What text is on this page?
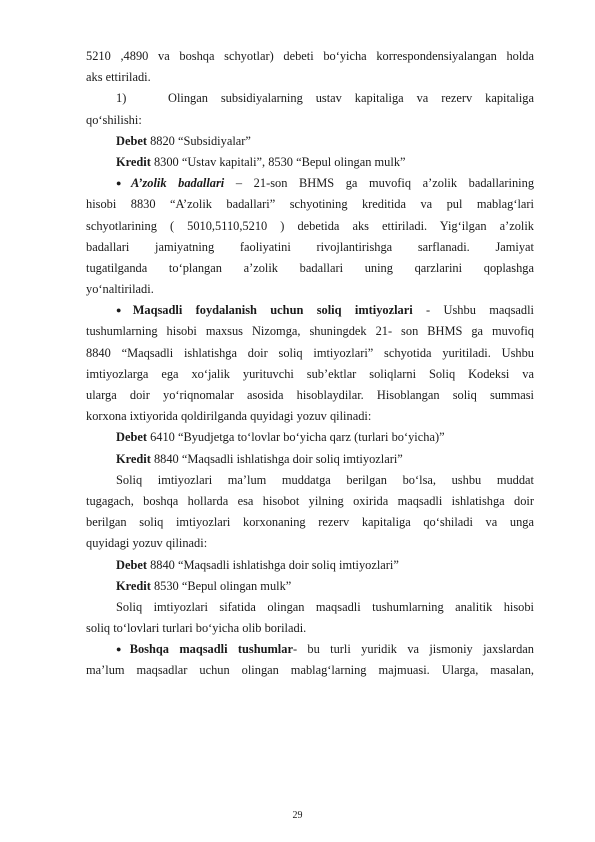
5210 ,4890 va boshqa schyotlar) debeti bo‘yicha korrespondensiyalangan holda
aks ettiriladi.
1)	Olingan subsidiyalarning ustav kapitaliga va rezerv kapitaliga
qo‘shilishi:
Debet 8820 “Subsidiyalar”
Kredit 8300 “Ustav kapitali”, 8530 “Bepul olingan mulk”
●A’zolik badallari – 21-son BHMS ga muvofiq a’zolik badallarining
hisobi 8830 “A’zolik badallari” schyotining kreditida va pul mablag‘lari
schyotlarining ( 5010,5110,5210 ) debetida aks ettiriladi. Yig‘ilgan a’zolik
badallari jamiyatning faoliyatini rivojlantirishga sarflanadi. Jamiyat
tugatilganda to‘plangan a’zolik badallari uning qarzlarini qoplashga
yo‘naltiriladi.
●Maqsadli foydalanish uchun soliq imtiyozlari - Ushbu maqsadli
tushumlarning hisobi maxsus Nizomga, shuningdek 21- son BHMS ga muvofiq
8840 “Maqsadli ishlatishga doir soliq imtiyozlari” schyotida yuritiladi. Ushbu
imtiyozlarga ega xo‘jalik yurituvchi sub’ektlar soliqlarni Soliq Kodeksi va
ularga doir yo‘riqnomalar asosida hisoblaydilar. Hisoblangan soliq summasi
korxona ixtiyorida qoldirilganda quyidagi yozuv qilinadi:
Debet 6410 “Byudjetga to‘lovlar bo‘yicha qarz (turlari bo‘yicha)”
Kredit 8840 “Maqsadli ishlatishga doir soliq imtiyozlari”
Soliq imtiyozlari ma’lum muddatga berilgan bo‘lsa, ushbu muddat
tugagach, boshqa hollarda esa hisobot yilning oxirida maqsadli ishlatishga doir
berilgan soliq imtiyozlari korxonaning rezerv kapitaliga qo‘shiladi va unga
quyidagi yozuv qilinadi:
Debet 8840 “Maqsadli ishlatishga doir soliq imtiyozlari”
Kredit 8530 “Bepul olingan mulk”
Soliq imtiyozlari sifatida olingan maqsadli tushumlarning analitik hisobi
soliq to‘lovlari turlari bo‘yicha olib boriladi.
●Boshqa maqsadli tushumlar- bu turli yuridik va jismoniy jaxslardan
ma’lum maqsadlar uchun olingan mablag‘larning majmuasi. Ularga, masalan,
29
